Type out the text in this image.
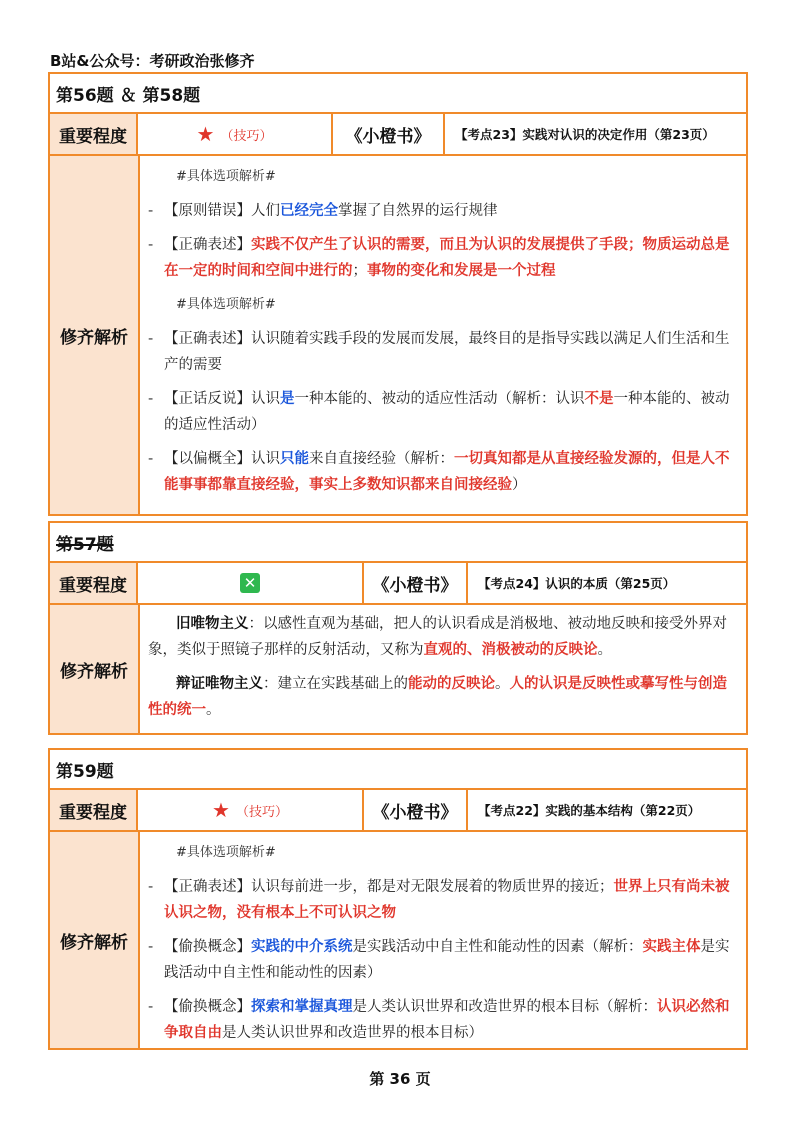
B站&公众号：考研政治张修齐
第56题 ＆ 第58题
重要程度	★ （技巧）	《小橙书》	【考点23】实践对认识的决定作用（第23页）
修齐解析
#具体选项解析#
- 【原则错误】人们已经完全掌握了自然界的运行规律
- 【正确表述】实践不仅产生了认识的需要，而且为认识的发展提供了手段；物质运动总是在一定的时间和空间中进行的；事物的变化和发展是一个过程
#具体选项解析#
- 【正确表述】认识随着实践手段的发展而发展，最终目的是指导实践以满足人们生活和生产的需要
- 【正话反说】认识是一种本能的、被动的适应性活动（解析：认识不是一种本能的、被动的适应性活动）
- 【以偏概全】认识只能来自直接经验（解析：一切真知都是从直接经验发源的，但是人不能事事都靠直接经验，事实上多数知识都来自间接经验）
第57题
重要程度	✕	《小橙书》	【考点24】认识的本质（第25页）
修齐解析
旧唯物主义：以感性直观为基础，把人的认识看成是消极地、被动地反映和接受外界对象，类似于照镜子那样的反射活动，又称为直观的、消极被动的反映论。
辩证唯物主义：建立在实践基础上的能动的反映论。人的认识是反映性或摹写性与创造性的统一。
第59题
重要程度	★ （技巧）	《小橙书》	【考点22】实践的基本结构（第22页）
修齐解析
#具体选项解析#
- 【正确表述】认识每前进一步，都是对无限发展着的物质世界的接近；世界上只有尚未被认识之物，没有根本上不可认识之物
- 【偷换概念】实践的中介系统是实践活动中自主性和能动性的因素（解析：实践主体是实践活动中自主性和能动性的因素）
- 【偷换概念】探索和掌握真理是人类认识世界和改造世界的根本目标（解析：认识必然和争取自由是人类认识世界和改造世界的根本目标）
第 36 页
